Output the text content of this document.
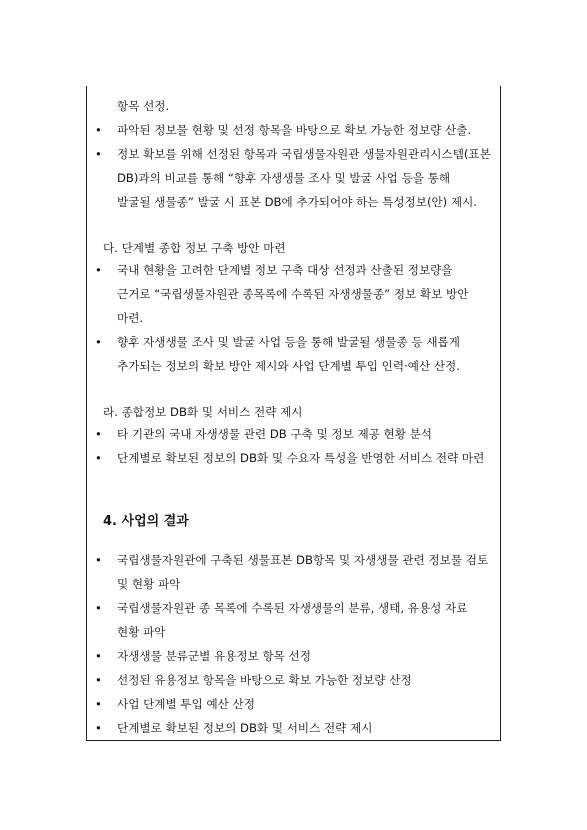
항목 선정.
• 파악된 정보물 현황 및 선정 항목을 바탕으로 확보 가능한 정보량 산출.
• 정보 확보를 위해 선정된 항목과 국립생물자원관 생물자원관리시스템(표본
DB)과의 비교를 통해 “향후 자생생물 조사 및 발굴 사업 등을 통해
발굴될 생물종” 발굴 시 표본 DB에 추가되어야 하는 특성정보(안) 제시.
다. 단계별 종합 정보 구축 방안 마련
• 국내 현황을 고려한 단계별 정보 구축 대상 선정과 산출된 정보량을
근거로 “국립생물자원관 종목록에 수록된 자생생물종” 정보 확보 방안
마련.
• 향후 자생생물 조사 및 발굴 사업 등을 통해 발굴될 생물종 등 새롭게
추가되는 정보의 확보 방안 제시와 사업 단계별 투입 인력·예산 산정.
라. 종합정보 DB화 및 서비스 전략 제시
• 타 기관의 국내 자생생물 관련 DB 구축 및 정보 제공 현황 분석
• 단계별로 확보된 정보의 DB화 및 수요자 특성을 반영한 서비스 전략 마련
4. 사업의 결과
• 국립생물자원관에 구축된 생물표본 DB항목 및 자생생물 관련 정보물 검토
및 현황 파악
• 국립생물자원관 종 목록에 수록된 자생생물의 분류, 생태, 유용성 자료
현황 파악
• 자생생물 분류군별 유용정보 항목 선정
• 선정된 유용정보 항목을 바탕으로 확보 가능한 정보량 산정
• 사업 단계별 투입 예산 산정
• 단계별로 확보된 정보의 DB화 및 서비스 전략 제시
